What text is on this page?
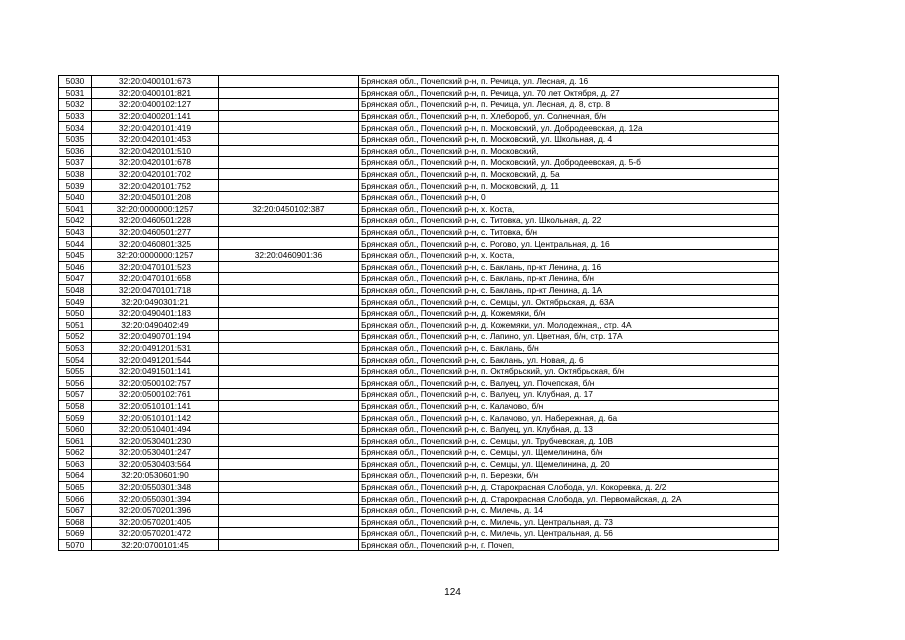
5030	32:20:0400101:673		Брянская обл., Почепский р-н, п. Речица, ул. Лесная, д. 16
5031	32:20:0400101:821		Брянская обл., Почепский р-н, п. Речица, ул. 70 лет Октября, д. 27
5032	32:20:0400102:127		Брянская обл., Почепский р-н, п. Речица, ул. Лесная, д. 8, стр. 8
5033	32:20:0400201:141		Брянская обл., Почепский р-н, п. Хлебороб, ул. Солнечная, б/н
5034	32:20:0420101:419		Брянская обл., Почепский р-н, п. Московский, ул. Добродеевская, д. 12а
5035	32:20:0420101:453		Брянская обл., Почепский р-н, п. Московский, ул. Школьная, д. 4
5036	32:20:0420101:510		Брянская обл., Почепский р-н, п. Московский,
5037	32:20:0420101:678		Брянская обл., Почепский р-н, п. Московский, ул. Добродеевская, д. 5-б
5038	32:20:0420101:702		Брянская обл., Почепский р-н, п. Московский, д. 5а
5039	32:20:0420101:752		Брянская обл., Почепский р-н, п. Московский, д. 11
5040	32:20:0450101:208		Брянская обл., Почепский р-н, 0
5041	32:20:0000000:1257	32:20:0450102:387	Брянская обл., Почепский р-н, х. Коста,
5042	32:20:0460501:228		Брянская обл., Почепский р-н, с. Титовка, ул. Школьная, д. 22
5043	32:20:0460501:277		Брянская обл., Почепский р-н, с. Титовка, б/н
5044	32:20:0460801:325		Брянская обл., Почепский р-н, с. Рогово, ул. Центральная, д. 16
5045	32:20:0000000:1257	32:20:0460901:36	Брянская обл., Почепский р-н, х. Коста,
5046	32:20:0470101:523		Брянская обл., Почепский р-н, с. Баклань, пр-кт Ленина, д. 16
5047	32:20:0470101:658		Брянская обл., Почепский р-н, с. Баклань, пр-кт Ленина, б/н
5048	32:20:0470101:718		Брянская обл., Почепский р-н, с. Баклань, пр-кт Ленина, д. 1А
5049	32:20:0490301:21		Брянская обл., Почепский р-н, с. Семцы, ул. Октябрьская, д. 63А
5050	32:20:0490401:183		Брянская обл., Почепский р-н, д. Кожемяки, б/н
5051	32:20:0490402:49		Брянская обл., Почепский р-н, д. Кожемяки, ул. Молодежная,, стр. 4А
5052	32:20:0490701:194		Брянская обл., Почепский р-н, с. Лапино, ул. Цветная, б/н, стр. 17А
5053	32:20:0491201:531		Брянская обл., Почепский р-н, с. Баклань, б/н
5054	32:20:0491201:544		Брянская обл., Почепский р-н, с. Баклань, ул. Новая, д. 6
5055	32:20:0491501:141		Брянская обл., Почепский р-н, п. Октябрьский, ул. Октябрьская, б/н
5056	32:20:0500102:757		Брянская обл., Почепский р-н, с. Валуец, ул. Почепская, б/н
5057	32:20:0500102:761		Брянская обл., Почепский р-н, с. Валуец, ул. Клубная, д. 17
5058	32:20:0510101:141		Брянская обл., Почепский р-н, с. Калачово, б/н
5059	32:20:0510101:142		Брянская обл., Почепский р-н, с. Калачово, ул. Набережная, д. 6а
5060	32:20:0510401:494		Брянская обл., Почепский р-н, с. Валуец, ул. Клубная, д. 13
5061	32:20:0530401:230		Брянская обл., Почепский р-н, с. Семцы, ул. Трубчевская, д. 10В
5062	32:20:0530401:247		Брянская обл., Почепский р-н, с. Семцы, ул. Щемелинина, б/н
5063	32:20:0530403:564		Брянская обл., Почепский р-н, с. Семцы, ул. Щемелинина, д. 20
5064	32:20:0530601:90		Брянская обл., Почепский р-н, п. Березки, б/н
5065	32:20:0550301:348		Брянская обл., Почепский р-н, д. Старокрасная Слобода, ул. Кокоревка, д. 2/2
5066	32:20:0550301:394		Брянская обл., Почепский р-н, д. Старокрасная Слобода, ул. Первомайская, д. 2А
5067	32:20:0570201:396		Брянская обл., Почепский р-н, с. Милечь, д. 14
5068	32:20:0570201:405		Брянская обл., Почепский р-н, с. Милечь, ул. Центральная, д. 73
5069	32:20:0570201:472		Брянская обл., Почепский р-н, с. Милечь, ул. Центральная, д. 56
5070	32:20:0700101:45		Брянская обл., Почепский р-н, г. Почеп,
124
